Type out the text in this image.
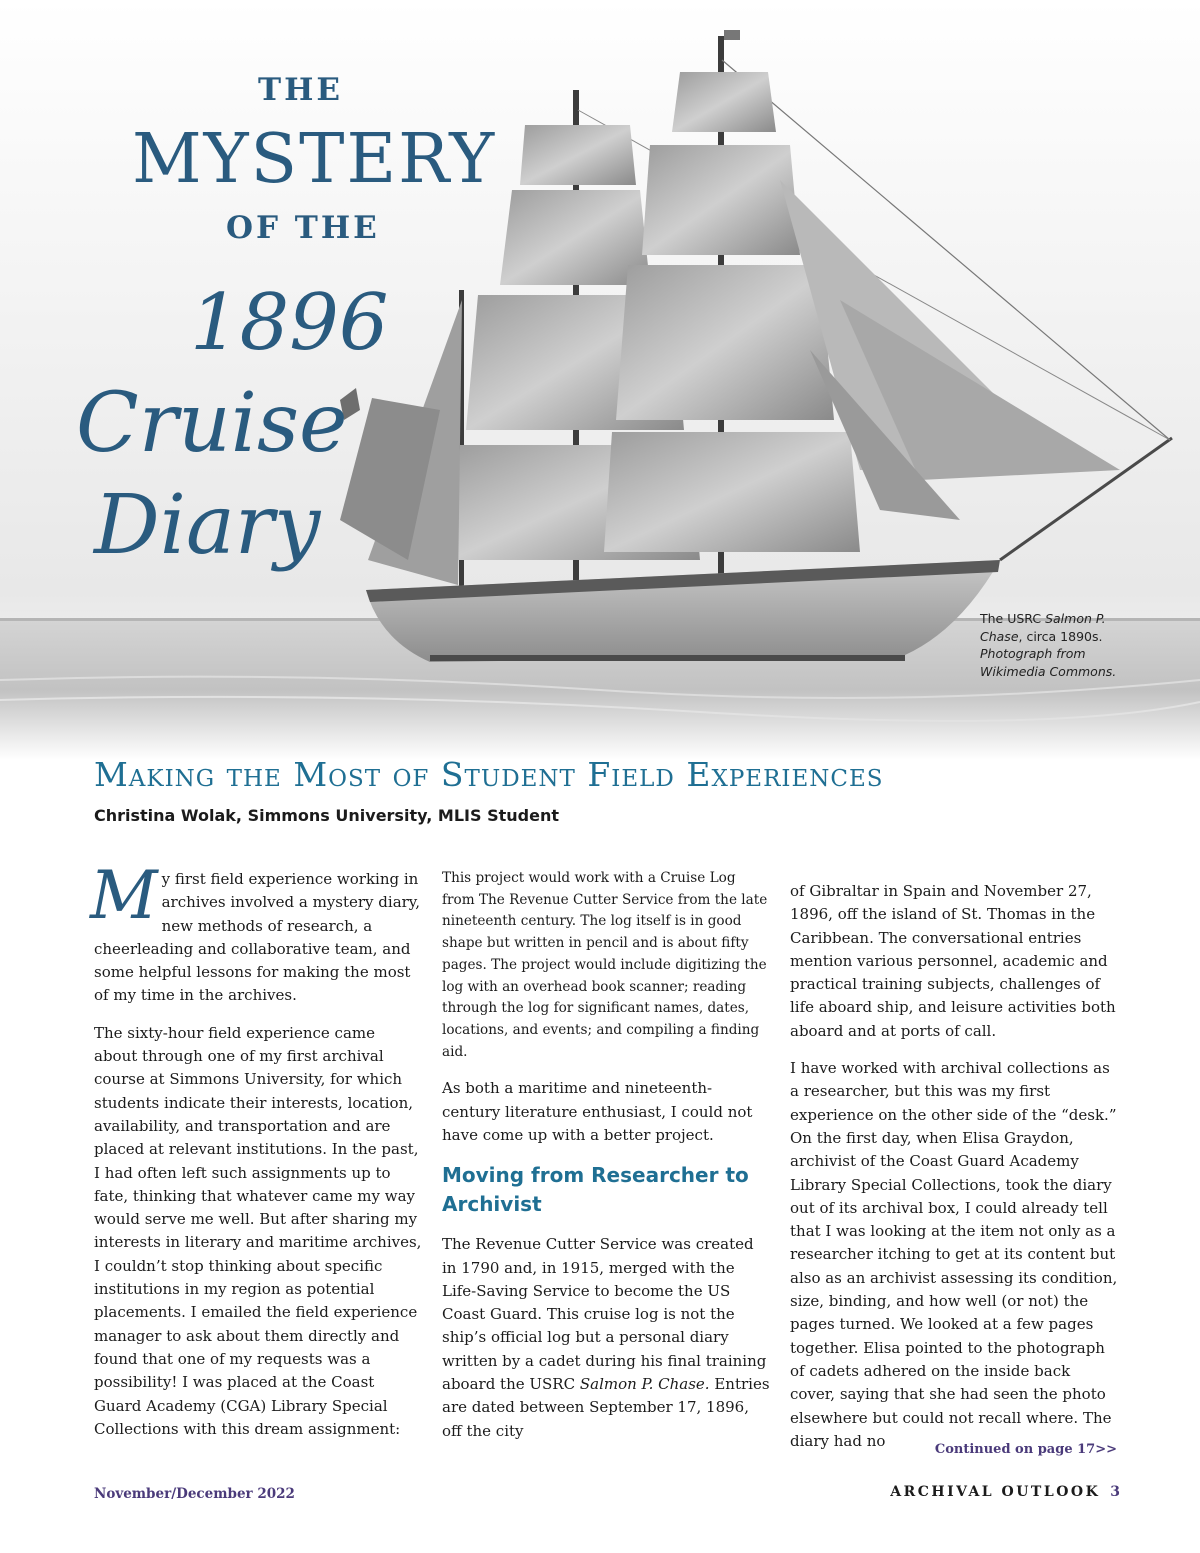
THE
MYSTERY
OF THE
1896
Cruise
Diary
The USRC Salmon P.
Chase, circa 1890s.
Photograph from
Wikimedia Commons.
Making the Most of Student Field Experiences
Christina Wolak, Simmons University, MLIS Student

My first field experience working in archives involved a mystery diary, new methods of research, a cheerleading and collaborative team, and some helpful lessons for making the most of my time in the archives.

The sixty-hour field experience came about through one of my first archival course at Simmons University, for which students indicate their interests, location, availability, and transportation and are placed at relevant institutions. In the past, I had often left such assignments up to fate, thinking that whatever came my way would serve me well. But after sharing my interests in literary and maritime archives, I couldn’t stop thinking about specific institutions in my region as potential placements. I emailed the field experience manager to ask about them directly and found that one of my requests was a possibility! I was placed at the Coast Guard Academy (CGA) Library Special Collections with this dream assignment:

This project would work with a Cruise Log from The Revenue Cutter Service from the late nineteenth century. The log itself is in good shape but written in pencil and is about fifty pages. The project would include digitizing the log with an overhead book scanner; reading through the log for significant names, dates, locations, and events; and compiling a finding aid.

As both a maritime and nineteenth-century literature enthusiast, I could not have come up with a better project.

Moving from Researcher to Archivist

The Revenue Cutter Service was created in 1790 and, in 1915, merged with the Life-Saving Service to become the US Coast Guard. This cruise log is not the ship’s official log but a personal diary written by a cadet during his final training aboard the USRC Salmon P. Chase. Entries are dated between September 17, 1896, off the city

of Gibraltar in Spain and November 27, 1896, off the island of St. Thomas in the Caribbean. The conversational entries mention various personnel, academic and practical training subjects, challenges of life aboard ship, and leisure activities both aboard and at ports of call.

I have worked with archival collections as a researcher, but this was my first experience on the other side of the “desk.” On the first day, when Elisa Graydon, archivist of the Coast Guard Academy Library Special Collections, took the diary out of its archival box, I could already tell that I was looking at the item not only as a researcher itching to get at its content but also as an archivist assessing its condition, size, binding, and how well (or not) the pages turned. We looked at a few pages together. Elisa pointed to the photograph of cadets adhered on the inside back cover, saying that she had seen the photo elsewhere but could not recall where. The diary had no	Continued on page 17>>
November/December 2022	ARCHIVAL OUTLOOK 3
